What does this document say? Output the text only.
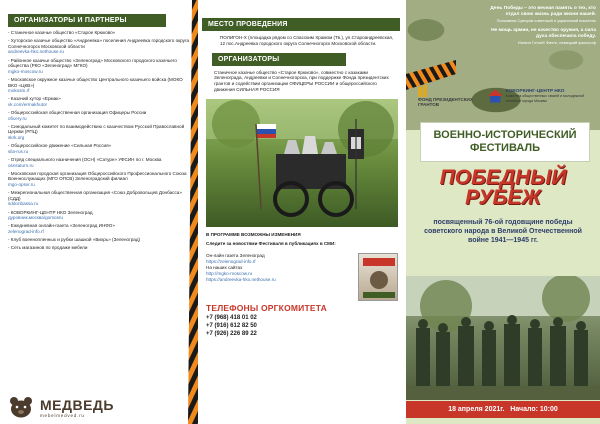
ОРГАНИЗАТОРЫ И ПАРТНЕРЫ
- Станичное казачье общество «Старое Крюково»
- Хуторское казачье общество «Андреевка» поселения Андреевка городского округа Солнечногорск Московской области
andreevka-hko.nethouse.ru
- Районное казачье общество «Зеленоград» Московского городского казачьего общества (РКО «Зеленоград» МГКО)
mgko-moscow.ru
- Московское окружное казачье общество Центрального казачьего войска (МОКО ВКО «ЦКВ»)
mokosm.rf
- Казачий хутор «Ермак»
vk.com/ermakhutor
- Общероссийская общественная организация Офицеры России
oficery.ru
- Синодальный комитет по взаимодействию с казачеством Русской Православной Церкви (РПЦ)
skrk.org
- Общероссийское движение «Сильная Россия»
sila-rus.ru
- Отряд специального назначения (ОСН) «Сатурн» УФСИН по г. Москва
osnsaturn.ru
- Московская городская организация Общероссийского Профессионального Союза Военнослужащих (МГО ОПСВ) Зеленоградский филиал
mgo-opsvr.ru
- Межрегиональная общественная организация «Союз Добровольцев Донбасса» (СДД)
sddonbassa.ru
- КОВОРКИНГ-ЦЕНТР НКО Зеленоград
дуровник.москва/gomosru
- Ежедневная онлайн-газета «Зеленоград ИНФО»
zelenograd-info.rf
- Клуб военнопленных и рубки шашкой «Вихрь» (Зеленоград)
- Сеть магазинов по продаже мебели
МЕДВЕДЬ
mebelmedved.ru
МЕСТО ПРОВЕДЕНИЯ
ПОЛИГОН-Х (площадка рядом со Спасским Храмом (Тв.), ул.Староандреевская, 12 пос.Андреевка городского округа Солнечногорск Московской области.
ОРГАНИЗАТОРЫ
Станичное казачье общество «Старое Крюково», совместно с казаками Зеленограда, Андреевки и Солнечногорска, при поддержке Фонда президентских грантов и содействии организации ОФИЦЕРЫ РОССИИ и общероссийского движения СИЛЬНАЯ РОССИЯ
В ПРОГРАММЕ ВОЗМОЖНЫ ИЗМЕНЕНИЯ
Следите за новостями Фестиваля в публикациях в СМИ:
Он-лайн газета Зеленоград
https://zelenograd-info.rf
На наших сайтах
http://mgko-moscow.ru
https://andreevka-hko.nethouse.ru
ТЕЛЕФОНЫ ОРГКОМИТЕТА
+7 (968) 418 01 02
+7 (916) 612 82 50
+7 (926) 226 89 22
День Победы – это вечная память о тех, кто отдал свою жизнь ради жизни нашей.
Полковник Суворов советский и украинский писатель
Не мощь армии, не качество оружия, а сила духа обеспечила победу.
Иоганн Готлиб Фихте, немецкий философ
ФОНД ПРЕЗИДЕНТСКИХ ГРАНТОВ
КОВОРКИНГ-ЦЕНТР НКО
Комитета общественных связей и молодежной политики города Москвы
ВОЕННО-ИСТОРИЧЕСКИЙ ФЕСТИВАЛЬ
ПОБЕДНЫЙ РУБЕЖ
посвященный 76-ой годовщине победы советского народа в Великой Отечественной войне 1941—1945 гг.
18 апреля 2021г.   Начало: 10:00
